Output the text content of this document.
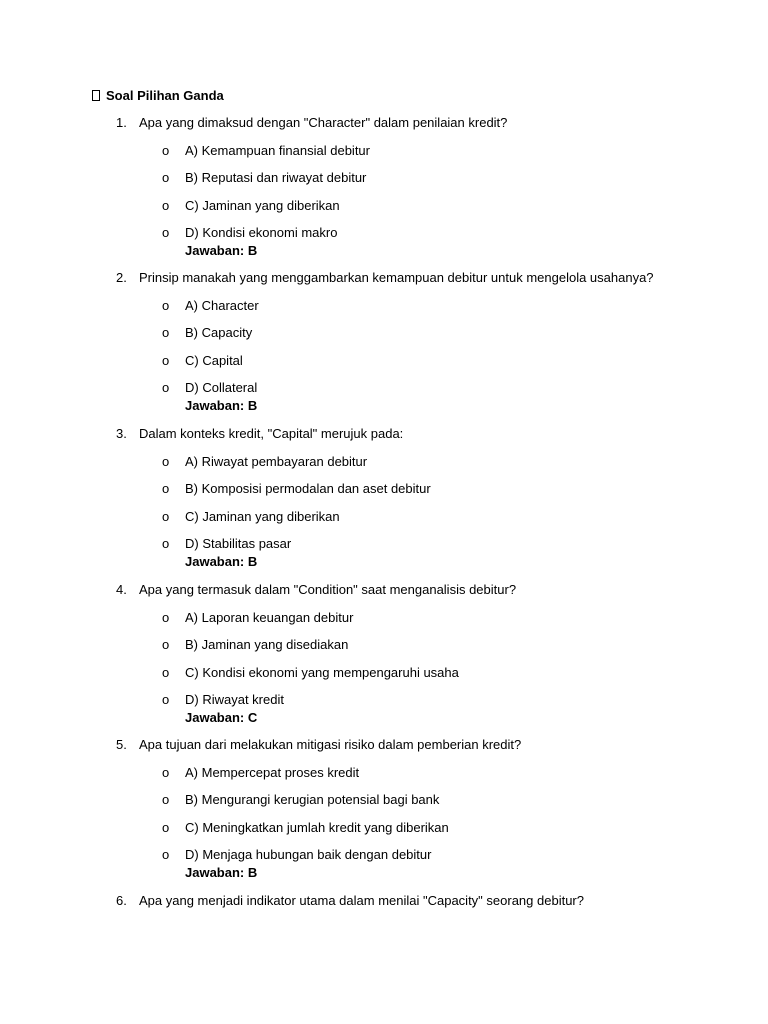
Soal Pilihan Ganda
1. Apa yang dimaksud dengan "Character" dalam penilaian kredit?
o A) Kemampuan finansial debitur
o B) Reputasi dan riwayat debitur
o C) Jaminan yang diberikan
o D) Kondisi ekonomi makro
Jawaban: B
2. Prinsip manakah yang menggambarkan kemampuan debitur untuk mengelola usahanya?
o A) Character
o B) Capacity
o C) Capital
o D) Collateral
Jawaban: B
3. Dalam konteks kredit, "Capital" merujuk pada:
o A) Riwayat pembayaran debitur
o B) Komposisi permodalan dan aset debitur
o C) Jaminan yang diberikan
o D) Stabilitas pasar
Jawaban: B
4. Apa yang termasuk dalam "Condition" saat menganalisis debitur?
o A) Laporan keuangan debitur
o B) Jaminan yang disediakan
o C) Kondisi ekonomi yang mempengaruhi usaha
o D) Riwayat kredit
Jawaban: C
5. Apa tujuan dari melakukan mitigasi risiko dalam pemberian kredit?
o A) Mempercepat proses kredit
o B) Mengurangi kerugian potensial bagi bank
o C) Meningkatkan jumlah kredit yang diberikan
o D) Menjaga hubungan baik dengan debitur
Jawaban: B
6. Apa yang menjadi indikator utama dalam menilai "Capacity" seorang debitur?
